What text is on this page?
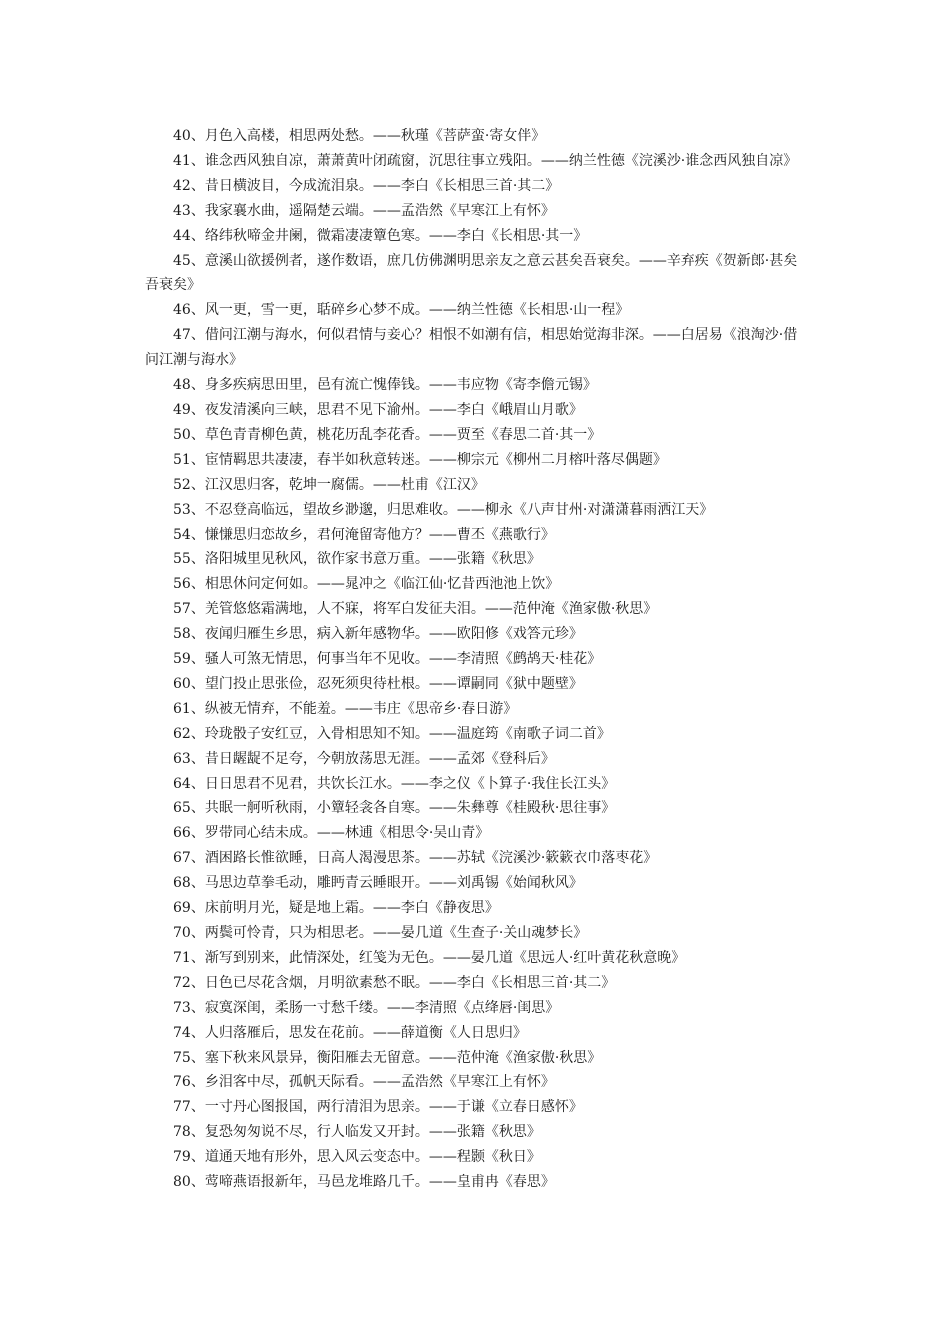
40、月色入高楼，相思两处愁。——秋瑾《菩萨蛮·寄女伴》

41、谁念西风独自凉，萧萧黄叶闭疏窗，沉思往事立残阳。——纳兰性德《浣溪沙·谁念西风独自凉》

42、昔日横波目，今成流泪泉。——李白《长相思三首·其二》

43、我家襄水曲，遥隔楚云端。——孟浩然《早寒江上有怀》

44、络纬秋啼金井阑，微霜凄凄簟色寒。——李白《长相思·其一》

45、意溪山欲援例者，遂作数语，庶几仿佛渊明思亲友之意云甚矣吾衰矣。——辛弃疾《贺新郎·甚矣吾衰矣》

46、风一更，雪一更，聒碎乡心梦不成。——纳兰性德《长相思·山一程》

47、借问江潮与海水，何似君情与妾心？相恨不如潮有信，相思始觉海非深。——白居易《浪淘沙·借问江潮与海水》

48、身多疾病思田里，邑有流亡愧俸钱。——韦应物《寄李儋元锡》

49、夜发清溪向三峡，思君不见下渝州。——李白《峨眉山月歌》

50、草色青青柳色黄，桃花历乱李花香。——贾至《春思二首·其一》

51、宦情羁思共凄凄，春半如秋意转迷。——柳宗元《柳州二月榕叶落尽偶题》

52、江汉思归客，乾坤一腐儒。——杜甫《江汉》

53、不忍登高临远，望故乡渺邈，归思难收。——柳永《八声甘州·对潇潇暮雨洒江天》

54、慊慊思归恋故乡，君何淹留寄他方？——曹丕《燕歌行》

55、洛阳城里见秋风，欲作家书意万重。——张籍《秋思》

56、相思休问定何如。——晁冲之《临江仙·忆昔西池池上饮》

57、羌管悠悠霜满地，人不寐，将军白发征夫泪。——范仲淹《渔家傲·秋思》

58、夜闻归雁生乡思，病入新年感物华。——欧阳修《戏答元珍》

59、骚人可煞无情思，何事当年不见收。——李清照《鹧鸪天·桂花》

60、望门投止思张俭，忍死须臾待杜根。——谭嗣同《狱中题壁》

61、纵被无情弃，不能羞。——韦庄《思帝乡·春日游》

62、玲珑骰子安红豆，入骨相思知不知。——温庭筠《南歌子词二首》

63、昔日龌龊不足夸，今朝放荡思无涯。——孟郊《登科后》

64、日日思君不见君，共饮长江水。——李之仪《卜算子·我住长江头》

65、共眠一舸听秋雨，小簟轻衾各自寒。——朱彝尊《桂殿秋·思往事》

66、罗带同心结未成。——林逋《相思令·吴山青》

67、酒困路长惟欲睡，日高人渴漫思茶。——苏轼《浣溪沙·簌簌衣巾落枣花》

68、马思边草拳毛动，雕眄青云睡眼开。——刘禹锡《始闻秋风》

69、床前明月光，疑是地上霜。——李白《静夜思》

70、两鬓可怜青，只为相思老。——晏几道《生查子·关山魂梦长》

71、渐写到别来，此情深处，红笺为无色。——晏几道《思远人·红叶黄花秋意晚》

72、日色已尽花含烟，月明欲素愁不眠。——李白《长相思三首·其二》

73、寂寞深闺，柔肠一寸愁千缕。——李清照《点绛唇·闺思》

74、人归落雁后，思发在花前。——薛道衡《人日思归》

75、塞下秋来风景异，衡阳雁去无留意。——范仲淹《渔家傲·秋思》

76、乡泪客中尽，孤帆天际看。——孟浩然《早寒江上有怀》

77、一寸丹心图报国，两行清泪为思亲。——于谦《立春日感怀》

78、复恐匆匆说不尽，行人临发又开封。——张籍《秋思》

79、道通天地有形外，思入风云变态中。——程颢《秋日》

80、莺啼燕语报新年，马邑龙堆路几千。——皇甫冉《春思》
